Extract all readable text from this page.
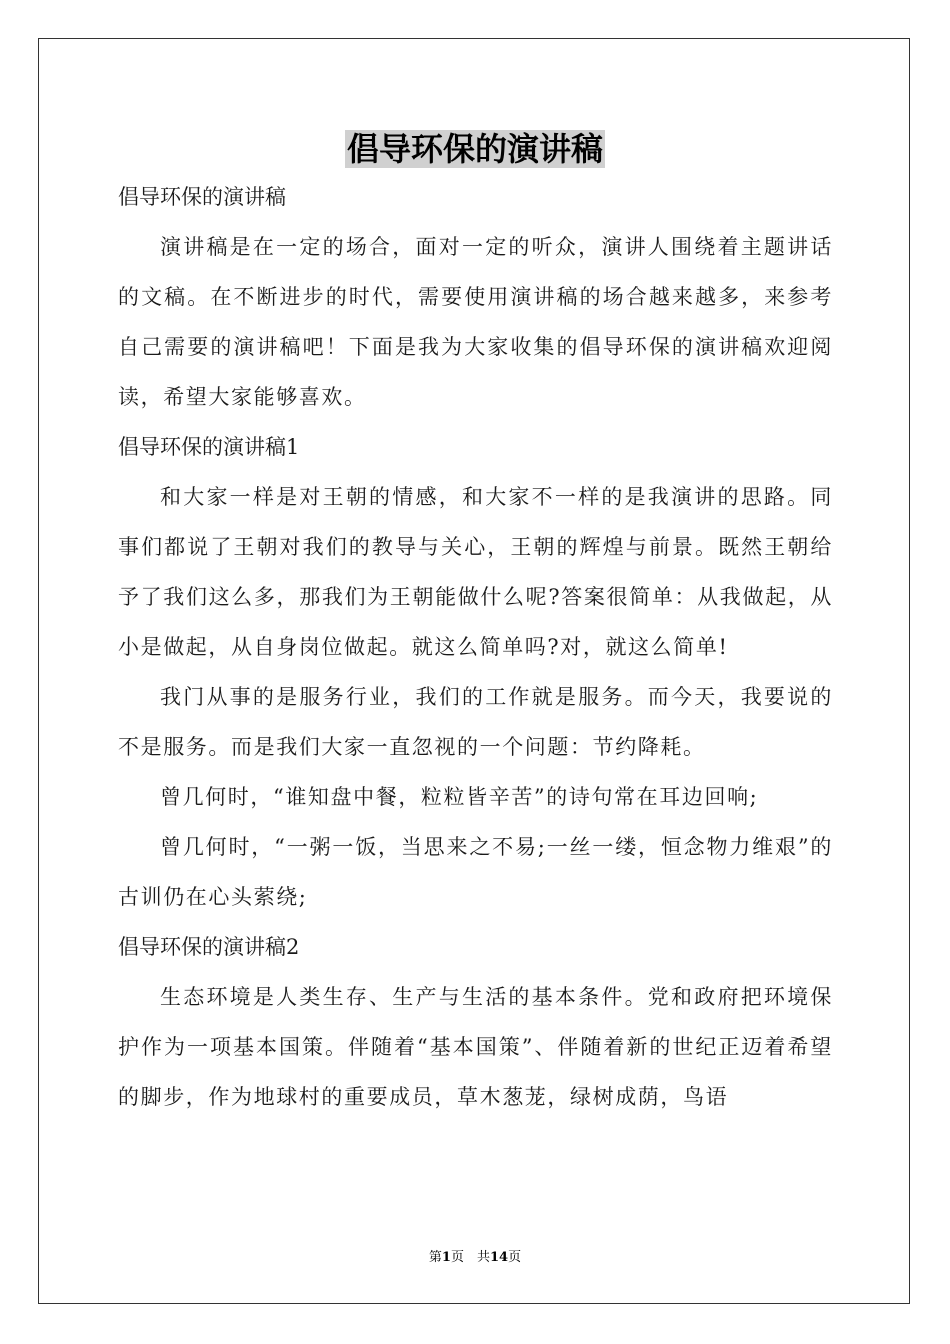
倡导环保的演讲稿

倡导环保的演讲稿

演讲稿是在一定的场合，面对一定的听众，演讲人围绕着主题讲话的文稿。在不断进步的时代，需要使用演讲稿的场合越来越多，来参考自己需要的演讲稿吧！下面是我为大家收集的倡导环保的演讲稿欢迎阅读，希望大家能够喜欢。

倡导环保的演讲稿1

和大家一样是对王朝的情感，和大家不一样的是我演讲的思路。同事们都说了王朝对我们的教导与关心，王朝的辉煌与前景。既然王朝给予了我们这么多，那我们为王朝能做什么呢?答案很简单：从我做起，从小是做起，从自身岗位做起。就这么简单吗?对，就这么简单!

我门从事的是服务行业，我们的工作就是服务。而今天，我要说的不是服务。而是我们大家一直忽视的一个问题：节约降耗。

曾几何时，“谁知盘中餐，粒粒皆辛苦”的诗句常在耳边回响;

曾几何时，“一粥一饭，当思来之不易;一丝一缕，恒念物力维艰”的古训仍在心头萦绕;

倡导环保的演讲稿2

生态环境是人类生存、生产与生活的基本条件。党和政府把环境保护作为一项基本国策。伴随着“基本国策”、伴随着新的世纪正迈着希望的脚步，作为地球村的重要成员，草木葱茏，绿树成荫，鸟语

第1页　共14页
